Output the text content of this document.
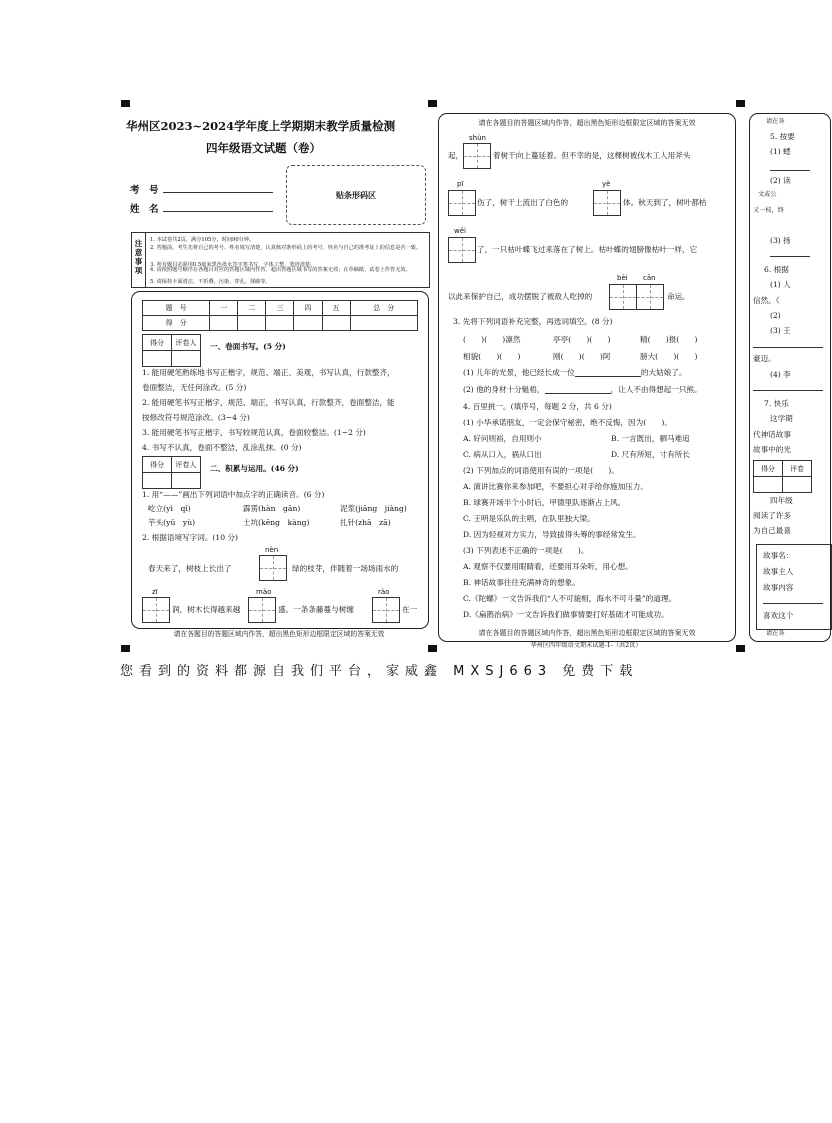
华州区2023~2024学年度上学期期末教学质量检测
四年级语文试题（卷）
考　号
姓　名
贴条形码区
注意事项
1. 本试卷共2页，满分105分，时间90分钟。
2. 答题前，考生先将自己的考号、姓名填写清楚，认真核对条形码上的考号、姓名与自己的准考证上的信息是否一致。
3. 所有题目必须用0.5毫米黑色墨水签字笔书写，字体工整、笔迹清楚。
4. 请按照题号顺序在各题目对应的答题区域内作答，超出答题区域书写的答案无效；在草稿纸、试卷上作答无效。
5. 请保持卡面清洁，不折叠、污染、穿孔、揉破等。
题　号	一	二	三	四	五	总　分
得　分						
得分	评卷人
	一、卷面书写。(5 分)
1. 能用硬笔熟练地书写正楷字，规范、端正、美观，书写认真，行款整齐，
卷面整洁，无任何涂改。(5 分)
2. 能用硬笔书写正楷字，规范、端正，书写认真，行款整齐，卷面整洁，能
按修改符号规范涂改。(3~4 分)
3. 能用硬笔书写正楷字，书写较规范认真，卷面较整洁。(1~2 分)
4. 书写不认真，卷面不整洁，乱涂乱抹。(0 分)
得分	评卷人
	二、积累与运用。(46 分)
1. 用“——”画出下列词语中加点字的正确读音。(6 分)
屹立(yì　qǐ)	霹雳(hàn　gān)	泥浆(jiāng　jiàng)
芋头(yǔ　yù)	土坑(kēng　kàng)	扎针(zhā　zā)
2. 根据语境写字词。(10 分)
nèn
春天来了，树枝上长出了	绿的枝芽，伴随着一场场雨水的
zī
润，树木长得越来越
mào
盛。一条条藤蔓与树缠
rào
在一
请在各题目的答题区域内作答，超出黑色矩形边框限定区域的答案无效
请在各题目的答题区域内作答，超出黑色矩形边框限定区域的答案无效
shùn
起，	着树干向上蔓延着。但不幸的是，这棵树被伐木工人用斧头
pī
伤了，树干上流出了白色的
yè
体。秋天到了，树叶都枯
wěi
了，一只枯叶蝶飞过来落在了树上。枯叶蝶的翅膀像枯叶一样，它
bèi cān
以此来保护自己，成功摆脱了被敌人吃掉的	命运。
3. 先将下列词语补充完整，再选词填空。(8 分)
(　　)(　　)凛然	亭亭(　　)(　　)	精(　　)报(　　)
相貌(　　)(　　)	刚(　　)(　　)阿	膀大(　　)(　　)
(1) 儿年的光景，他已经长成一位	的大姑娘了。
(2) 他的身材十分魁梧，	，让人不由得想起一只熊。
4. 百里挑一。(填序号，每题 2 分，共 6 分)
(1) 小华承诺朋友，一定会保守秘密，绝不反悔，因为(　　)。
A. 好问则裕，自用则小	B. 一言既出，驷马难追
C. 病从口入，祸从口出	D. 尺有所短，寸有所长
(2) 下列加点的词语使用有误的一项是(　　)。
A. 演讲比赛你来参加吧，不要担心对手给你施加压力。
B. 球赛开场半个小时后，甲德里队逐渐占上风。
C. 王明是乐队的主唱，在队里独大梁。
D. 因为轻视对方实力，导致拔得头筹的事经常发生。
(3) 下列表述不正确的一项是(　　)。
A. 观察不仅要用眼睛看，还要用耳朵听，用心想。
B. 神话故事往往充满神奇的想象。
C.《陀螺》一文告诉我们“人不可貌相，海水不可斗量”的道理。
D.《扁鹊治病》一文告诉我们做事情要打好基础才可能成功。
请在各题目的答题区域内作答，超出黑色矩形边框限定区域的答案无效
华州区四年级语文期末试题-1-（共2页）
请在各
5. 按要
(1) 蟋
(2) 读
文或公
又一枝，终
(3) 扬
6. 根据
(1) 人
信然。《
(2)
(3) 王
豪迈。
(4) 李
7. 快乐
这学期
代神话故事
故事中的光
得分	评卷

四年级
阅读了许多
为自己最喜
故事名：
故事主人
故事内容
喜欢这个
请在各
您看到的资料都源自我们平台，家威鑫 MXSJ663 免费下载
